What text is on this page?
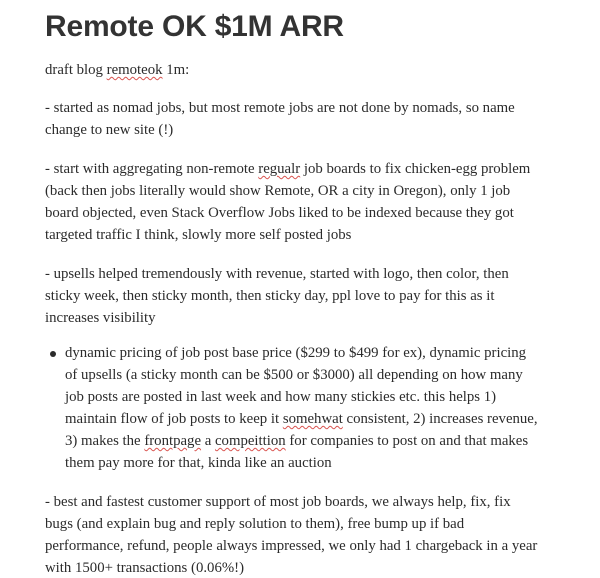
Remote OK $1M ARR
draft blog remoteok 1m:
- started as nomad jobs, but most remote jobs are not done by nomads, so name
change to new site (!)
- start with aggregating non-remote regualr job boards to fix chicken-egg problem
(back then jobs literally would show Remote, OR a city in Oregon), only 1 job
board objected, even Stack Overflow Jobs liked to be indexed because they got
targeted traffic I think, slowly more self posted jobs
- upsells helped tremendously with revenue, started with logo, then color, then
sticky week, then sticky month, then sticky day, ppl love to pay for this as it
increases visibility
dynamic pricing of job post base price ($299 to $499 for ex), dynamic pricing
of upsells (a sticky month can be $500 or $3000) all depending on how many
job posts are posted in last week and how many stickies etc. this helps 1)
maintain flow of job posts to keep it somehwat consistent, 2) increases revenue,
3) makes the frontpage a compeittion for companies to post on and that makes
them pay more for that, kinda like an auction
- best and fastest customer support of most job boards, we always help, fix, fix
bugs (and explain bug and reply solution to them), free bump up if bad
performance, refund, people always impressed, we only had 1 chargeback in a year
with 1500+ transactions (0.06%!)
